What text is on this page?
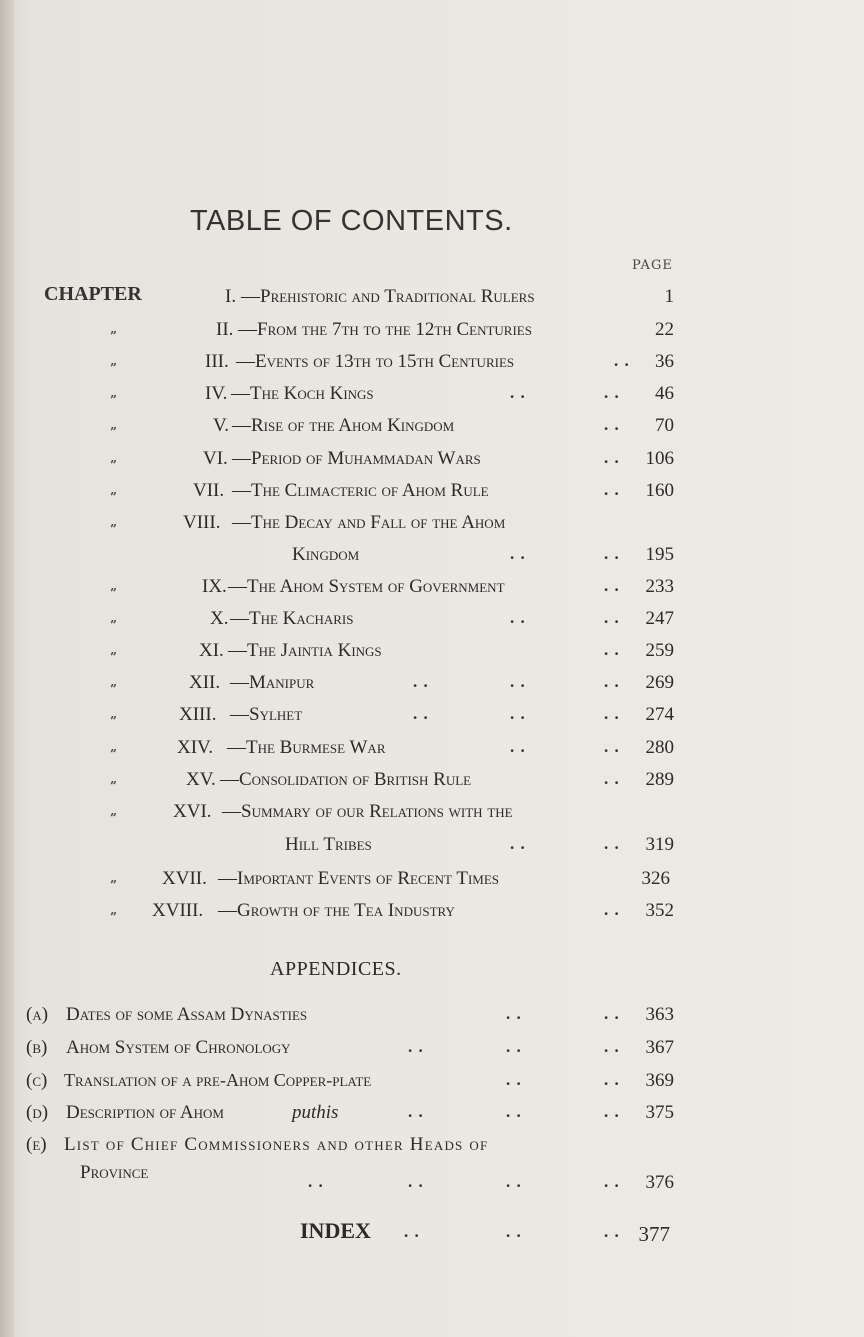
TABLE OF CONTENTS.
PAGE
CHAPTER	I. —Prehistoric and Traditional Rulers	1
”	II. —From the 7th to the 12th Centuries	22
”	III. —Events of 13th to 15th Centuries	. .	36
”	IV. —The Koch Kings	. .	. .	46
”	V. —Rise of the Ahom Kingdom	. .	70
”	VI. —Period of Muhammadan Wars	. .	106
”	VII. —The Climacteric of Ahom Rule	. .	160
”	VIII. —The Decay and Fall of the Ahom
Kingdom	. .	. .	195
”	IX. —The Ahom System of Government	. .	233
”	X. —The Kacharis	. .	. .	247
”	XI. —The Jaintia Kings	. .	259
”	XII. —Manipur	. .	. .	. .	269
”	XIII. —Sylhet	. .	. .	. .	274
”	XIV. —The Burmese War	. .	. .	280
”	XV. —Consolidation of British Rule	. .	289
”	XVI. —Summary of our Relations with the
Hill Tribes	. .	. .	319
” XVII. —Important Events of Recent Times	326
” XVIII. —Growth of the Tea Industry	. .	352
APPENDICES.
(a) Dates of some Assam Dynasties	. .	. .	363
(b) Ahom System of Chronology	. .	. .	. .	367
(c) Translation of a pre-Ahom Copper-plate	. .	. .	369
(d) Description of Ahom	puthis	. .	. .	. .	375
(e) List of Chief Commissioners and other Heads of
Province	. .	. .	. .	. .	376
INDEX . .	. .	. . 377
